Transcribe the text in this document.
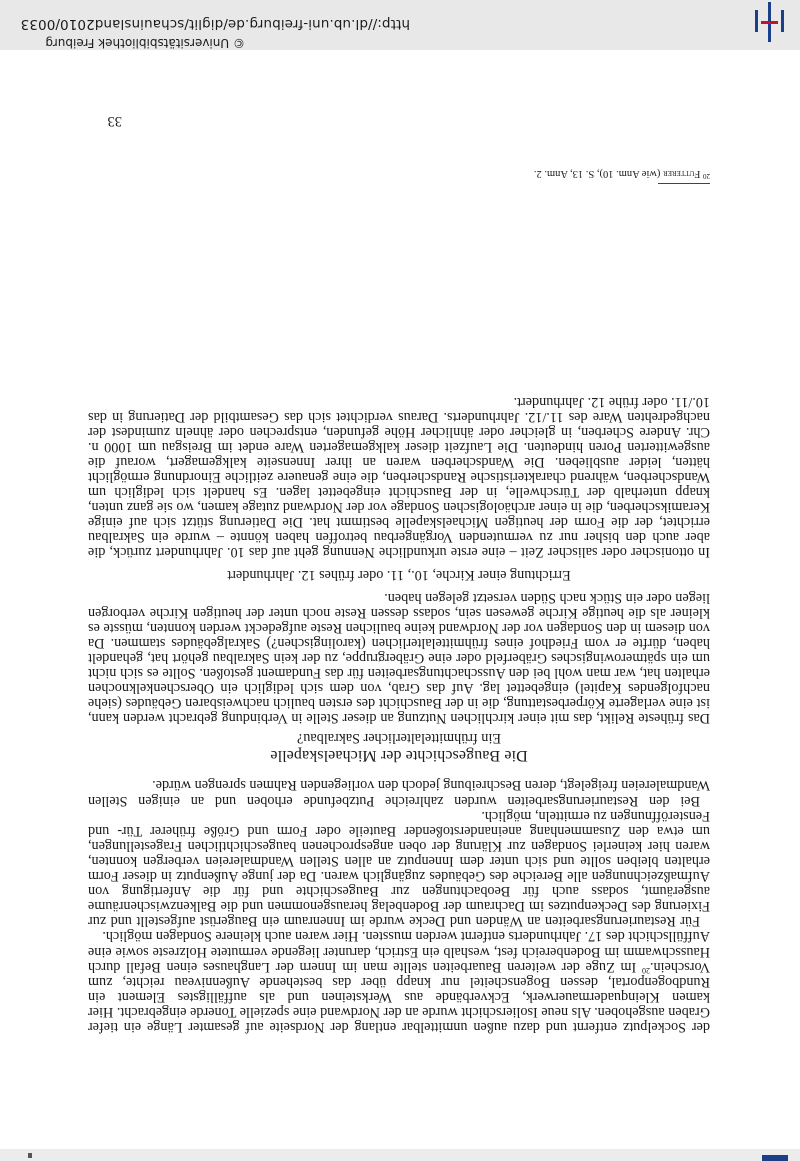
der Sockelputz entfernt und dazu außen unmittelbar entlang der Nordseite auf gesamter Länge ein tiefer Graben ausgehoben. Als neue Isolierschicht wurde an der Nordwand eine spezielle Tonerde eingebracht. Hier kamen Kleinquadermauerwerk, Eckverbände aus Werksteinen und als auffälligstes Element ein Rundbogenportal, dessen Bogenscheitel nur knapp über das bestehende Außenniveau reichte, zum Vorschein.$^{20}$ Im Zuge der weiteren Bauarbeiten stellte man im Innern der Langhauses einen Befall durch Hausschwamm im Bodenbereich fest, weshalb ein Estrich, darunter liegende vermutete Holzreste sowie eine Auffüllschicht des 17. Jahrhunderts entfernt werden mussten. Hier waren auch kleinere Sondagen möglich.

Für Restaurierungsarbeiten an Wänden und Decke wurde im Innenraum ein Baugerüst aufgestellt und zur Fixierung des Deckenputzes im Dachraum der Bodenbelag herausgenommen und die Balkenzwischenräume ausgeräumt, sodass auch für Beobachtungen zur Baugeschichte und für die Anfertigung von Aufmaßzeichnungen alle Bereiche des Gebäudes zugänglich waren. Da der junge Außenputz in dieser Form erhalten bleiben sollte und sich unter dem Innenputz an allen Stellen Wandmalereien verbergen konnten, waren hier keinerlei Sondagen zur Klärung der oben angesprochenen baugeschichtlichen Fragestellungen, um etwa den Zusammenhang aneinanderstoßender Bauteile oder Form und Größe früherer Tür- und Fensteröffnungen zu ermitteln, möglich.

Bei den Restaurierungsarbeiten wurden zahlreiche Putzbefunde erhoben und an einigen Stellen Wandmalereien freigelegt, deren Beschreibung jedoch den vorliegenden Rahmen sprengen würde.

Die Baugeschichte der Michaelskapelle
Ein frühmittelalterlicher Sakralbau?

Das früheste Relikt, das mit einer kirchlichen Nutzung an dieser Stelle in Verbindung gebracht werden kann, ist eine verlagerte Körperbestattung, die in der Bauschicht des ersten baulich nachweisbaren Gebäudes (siehe nachfolgendes Kapitel) eingebettet lag. Auf das Grab, von dem sich lediglich ein Oberschenkelknochen erhalten hat, war man wohl bei den Ausschachtungsarbeiten für das Fundament gestoßen. Sollte es sich nicht um ein spätmerowingisches Gräberfeld oder eine Gräbergruppe, zu der kein Sakralbau gehört hat, gehandelt haben, dürfte er vom Friedhof eines frühmittelalterlichen (karolingischen?) Sakralgebäudes stammen. Da von diesem in den Sondagen vor der Nordwand keine baulichen Reste aufgedeckt werden konnten, müsste es kleiner als die heutige Kirche gewesen sein, sodass dessen Reste noch unter der heutigen Kirche verborgen liegen oder ein Stück nach Süden versetzt gelegen haben.

Errichtung einer Kirche, 10., 11. oder frühes 12. Jahrhundert

In ottonischer oder salischer Zeit – eine erste urkundliche Nennung geht auf das 10. Jahrhundert zurück, die aber auch den bisher nur zu vermutenden Vorgängerbau betroffen haben könnte – wurde ein Sakralbau errichtet, der die Form der heutigen Michaelskapelle bestimmt hat. Die Datierung stützt sich auf einige Keramikscherben, die in einer archäologischen Sondage vor der Nordwand zutage kamen, wo sie ganz unten, knapp unterhalb der Türschwelle, in der Bauschicht eingebettet lagen. Es handelt sich lediglich um Wandscherben, während charakteristische Randscherben, die eine genauere zeitliche Einordnung ermöglicht hätten, leider ausblieben. Die Wandscherben waren an ihrer Innenseite kalkgemagert, worauf die ausgewitterten Poren hindeuten. Die Laufzeit dieser kalkgemagerten Ware endet im Breisgau um 1000 n. Chr. Andere Scherben, in gleicher oder ähnlicher Höhe gefunden, entsprechen oder ähneln zumindest der nachgedrehten Ware des 11./12. Jahrhunderts. Daraus verdichtet sich das Gesamtbild der Datierung in das 10./11. oder frühe 12. Jahrhundert.

$^{20}$ Futterer (wie Anm. 10), S. 13, Anm. 2.
33
http://dl.ub.uni-freiburg.de/diglit/schauinsland2010/0033
© Universitätsbibliothek Freiburg
